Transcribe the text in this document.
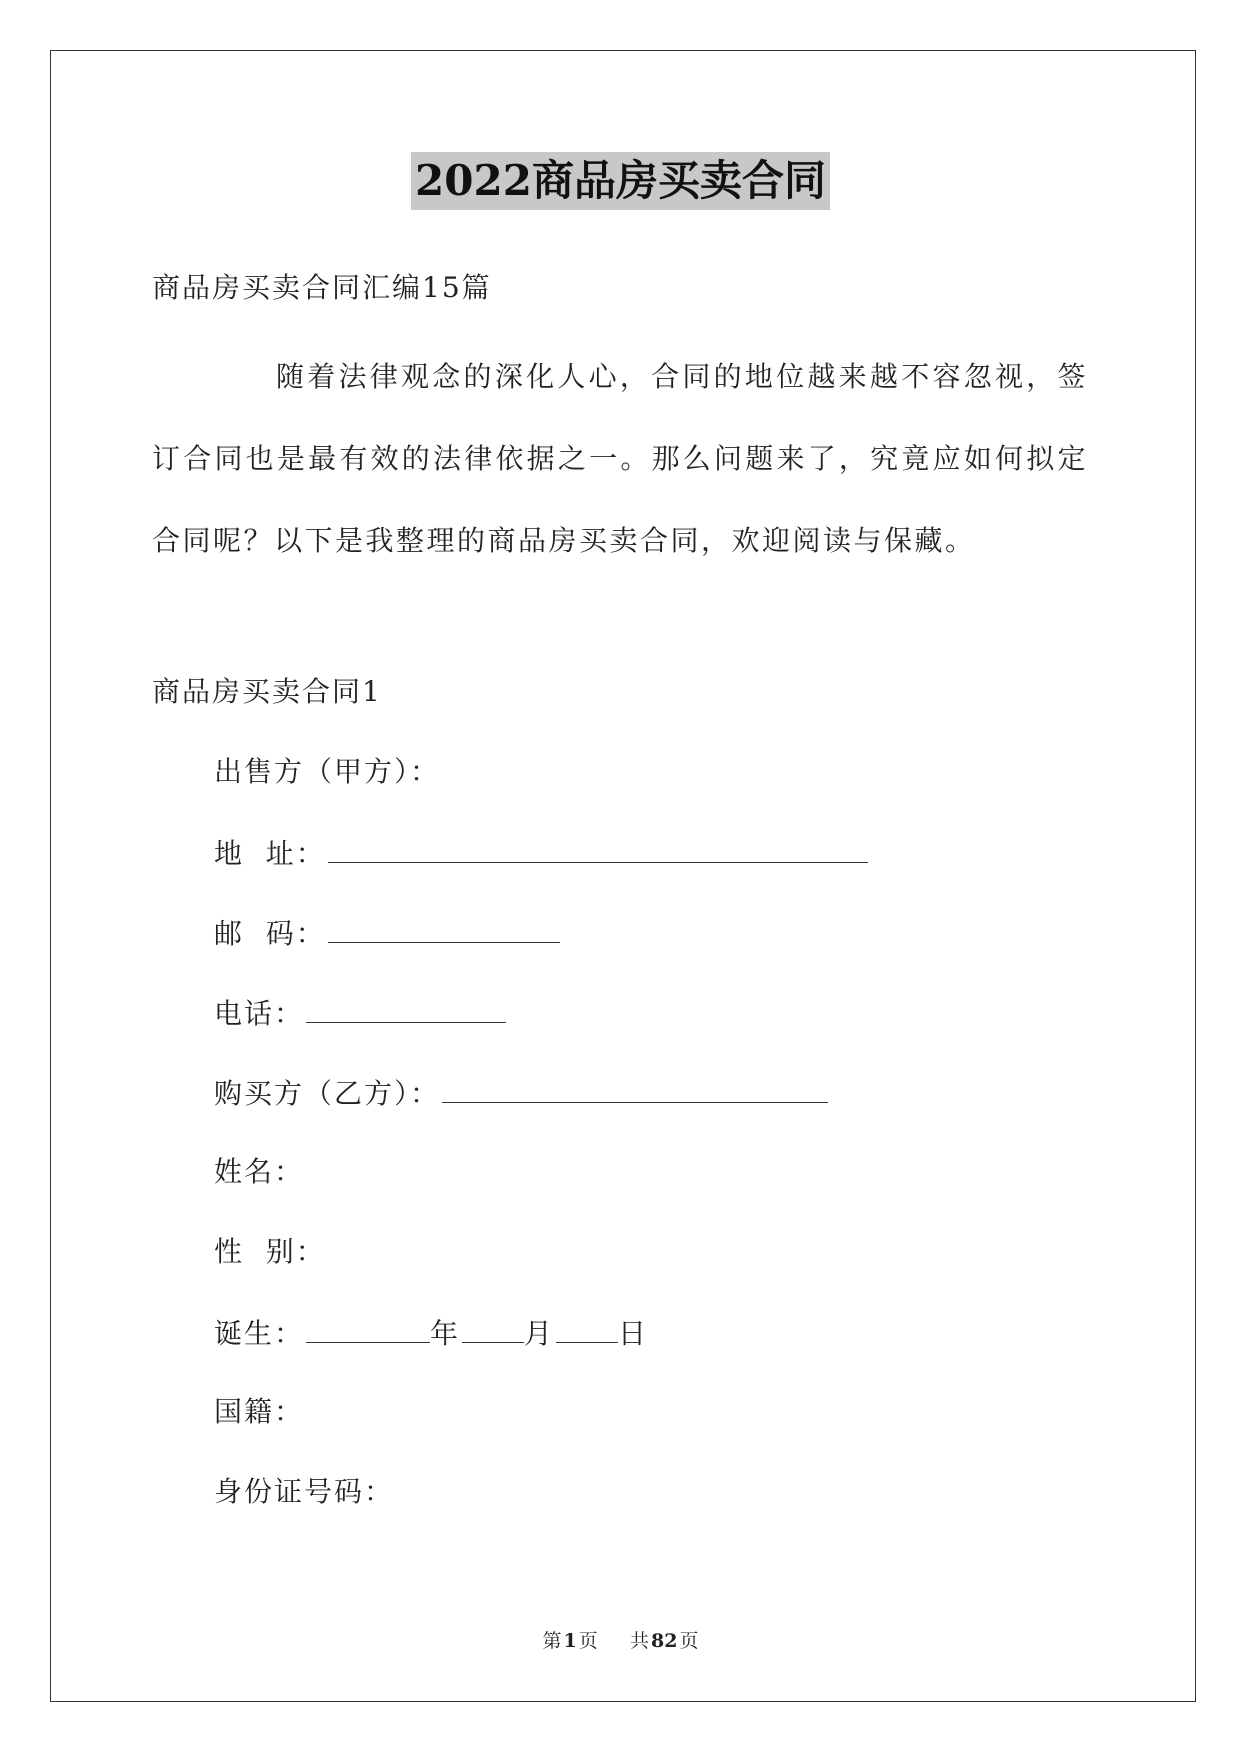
2022商品房买卖合同
商品房买卖合同汇编15篇
随着法律观念的深化人心，合同的地位越来越不容忽视，签订合同也是最有效的法律依据之一。那么问题来了，究竟应如何拟定合同呢？以下是我整理的商品房买卖合同，欢迎阅读与保藏。
商品房买卖合同1
出售方（甲方）：
地  址：
邮  码：
电话：
购买方（乙方）：
姓名：
性  别：
诞生：	年 月 日
国籍：
身份证号码：
第 1 页 共 82 页
